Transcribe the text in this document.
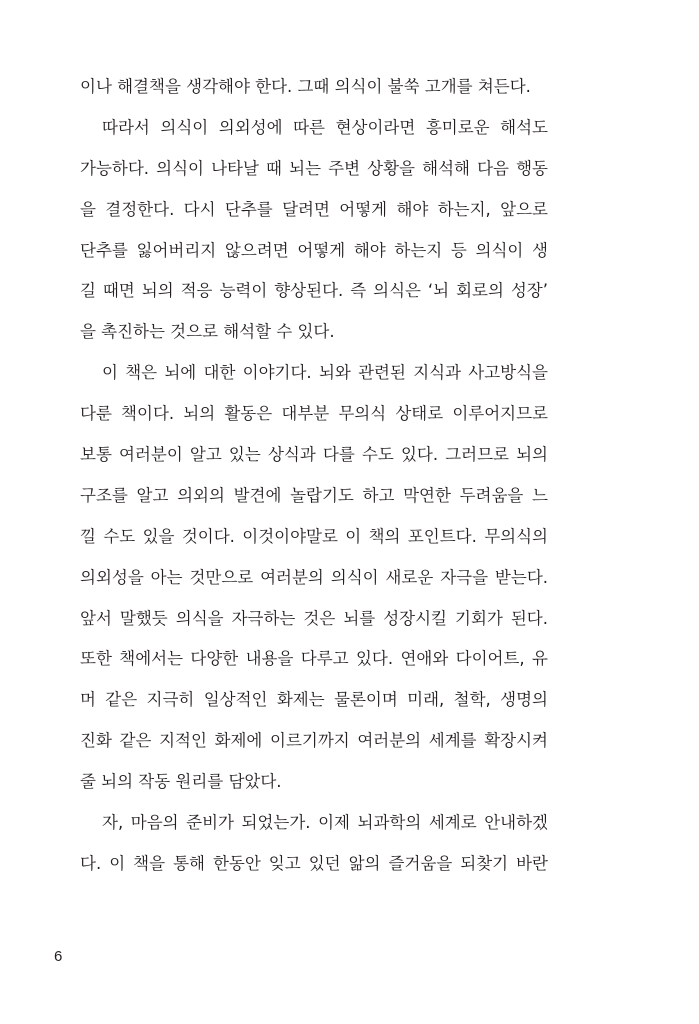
이나 해결책을 생각해야 한다. 그때 의식이 불쑥 고개를 쳐든다.
따라서 의식이 의외성에 따른 현상이라면 흥미로운 해석도
가능하다. 의식이 나타날 때 뇌는 주변 상황을 해석해 다음 행동
을 결정한다. 다시 단추를 달려면 어떻게 해야 하는지, 앞으로
단추를 잃어버리지 않으려면 어떻게 해야 하는지 등 의식이 생
길 때면 뇌의 적응 능력이 향상된다. 즉 의식은 ‘뇌 회로의 성장’
을 촉진하는 것으로 해석할 수 있다.
이 책은 뇌에 대한 이야기다. 뇌와 관련된 지식과 사고방식을
다룬 책이다. 뇌의 활동은 대부분 무의식 상태로 이루어지므로
보통 여러분이 알고 있는 상식과 다를 수도 있다. 그러므로 뇌의
구조를 알고 의외의 발견에 놀랍기도 하고 막연한 두려움을 느
낄 수도 있을 것이다. 이것이야말로 이 책의 포인트다. 무의식의
의외성을 아는 것만으로 여러분의 의식이 새로운 자극을 받는다.
앞서 말했듯 의식을 자극하는 것은 뇌를 성장시킬 기회가 된다.
또한 책에서는 다양한 내용을 다루고 있다. 연애와 다이어트, 유
머 같은 지극히 일상적인 화제는 물론이며 미래, 철학, 생명의
진화 같은 지적인 화제에 이르기까지 여러분의 세계를 확장시켜
줄 뇌의 작동 원리를 담았다.
자, 마음의 준비가 되었는가. 이제 뇌과학의 세계로 안내하겠
다. 이 책을 통해 한동안 잊고 있던 앎의 즐거움을 되찾기 바란
6
